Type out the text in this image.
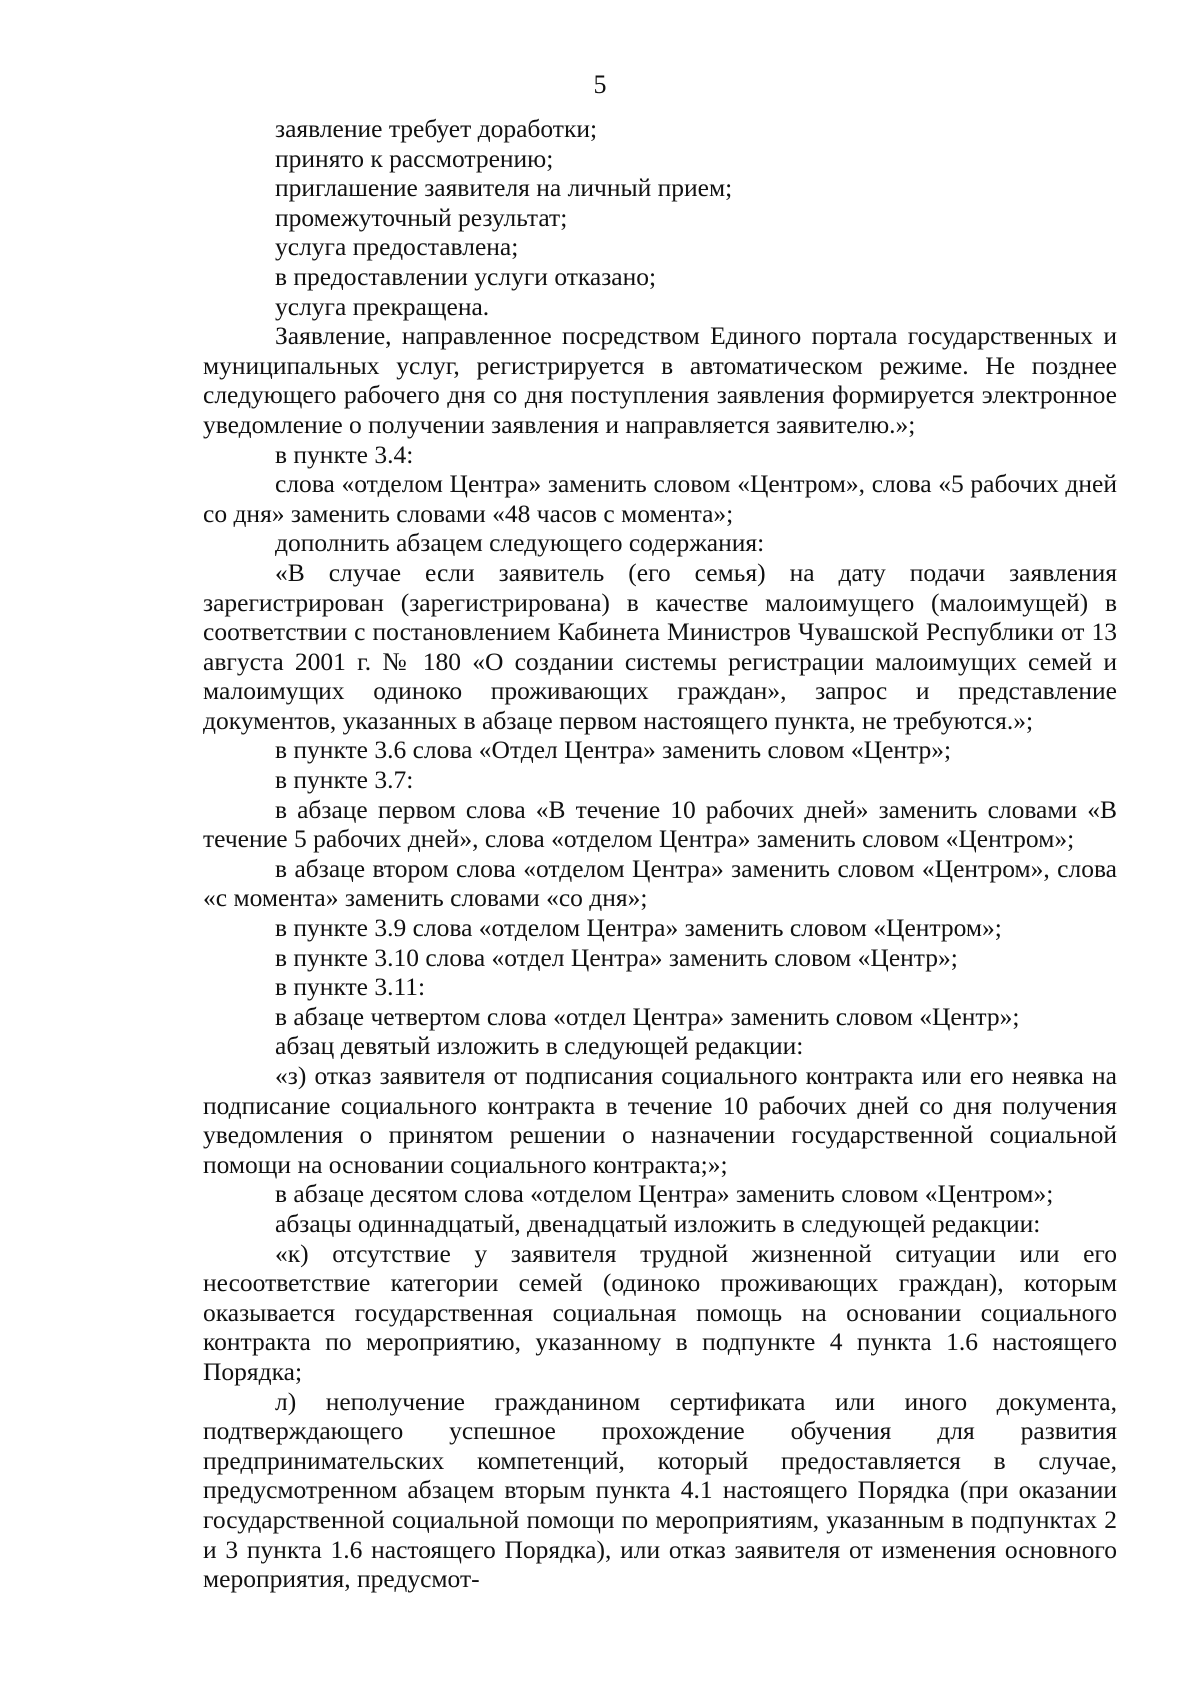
5

заявление требует доработки;

принято к рассмотрению;

приглашение заявителя на личный прием;

промежуточный результат;

услуга предоставлена;

в предоставлении услуги отказано;

услуга прекращена.

Заявление, направленное посредством Единого портала государственных и муниципальных услуг, регистрируется в автоматическом режиме. Не позднее следующего рабочего дня со дня поступления заявления формируется электронное уведомление о получении заявления и направляется заявителю.»;

в пункте 3.4:

слова «отделом Центра» заменить словом «Центром», слова «5 рабочих дней со дня» заменить словами «48 часов с момента»;

дополнить абзацем следующего содержания:

«В случае если заявитель (его семья) на дату подачи заявления зарегистрирован (зарегистрирована) в качестве малоимущего (малоимущей) в соответствии с постановлением Кабинета Министров Чувашской Республики от 13 августа 2001 г. № 180 «О создании системы регистрации малоимущих семей и малоимущих одиноко проживающих граждан», запрос и представление документов, указанных в абзаце первом настоящего пункта, не требуются.»;

в пункте 3.6 слова «Отдел Центра» заменить словом «Центр»;

в пункте 3.7:

в абзаце первом слова «В течение 10 рабочих дней» заменить словами «В течение 5 рабочих дней», слова «отделом Центра» заменить словом «Центром»;

в абзаце втором слова «отделом Центра» заменить словом «Центром», слова «с момента» заменить словами «со дня»;

в пункте 3.9 слова «отделом Центра» заменить словом «Центром»;

в пункте 3.10 слова «отдел Центра» заменить словом «Центр»;

в пункте 3.11:

в абзаце четвертом слова «отдел Центра» заменить словом «Центр»;

абзац девятый изложить в следующей редакции:

«з) отказ заявителя от подписания социального контракта или его неявка на подписание социального контракта в течение 10 рабочих дней со дня получения уведомления о принятом решении о назначении государственной социальной помощи на основании социального контракта;»;

в абзаце десятом слова «отделом Центра» заменить словом «Центром»;

абзацы одиннадцатый, двенадцатый изложить в следующей редакции:

«к) отсутствие у заявителя трудной жизненной ситуации или его несоответствие категории семей (одиноко проживающих граждан), которым оказывается государственная социальная помощь на основании социального контракта по мероприятию, указанному в подпункте 4 пункта 1.6 настоящего Порядка;

л) неполучение гражданином сертификата или иного документа, подтверждающего успешное прохождение обучения для развития предпринимательских компетенций, который предоставляется в случае, предусмотренном абзацем вторым пункта 4.1 настоящего Порядка (при оказании государственной социальной помощи по мероприятиям, указанным в подпунктах 2 и 3 пункта 1.6 настоящего Порядка), или отказ заявителя от изменения основного мероприятия, предусмот-
